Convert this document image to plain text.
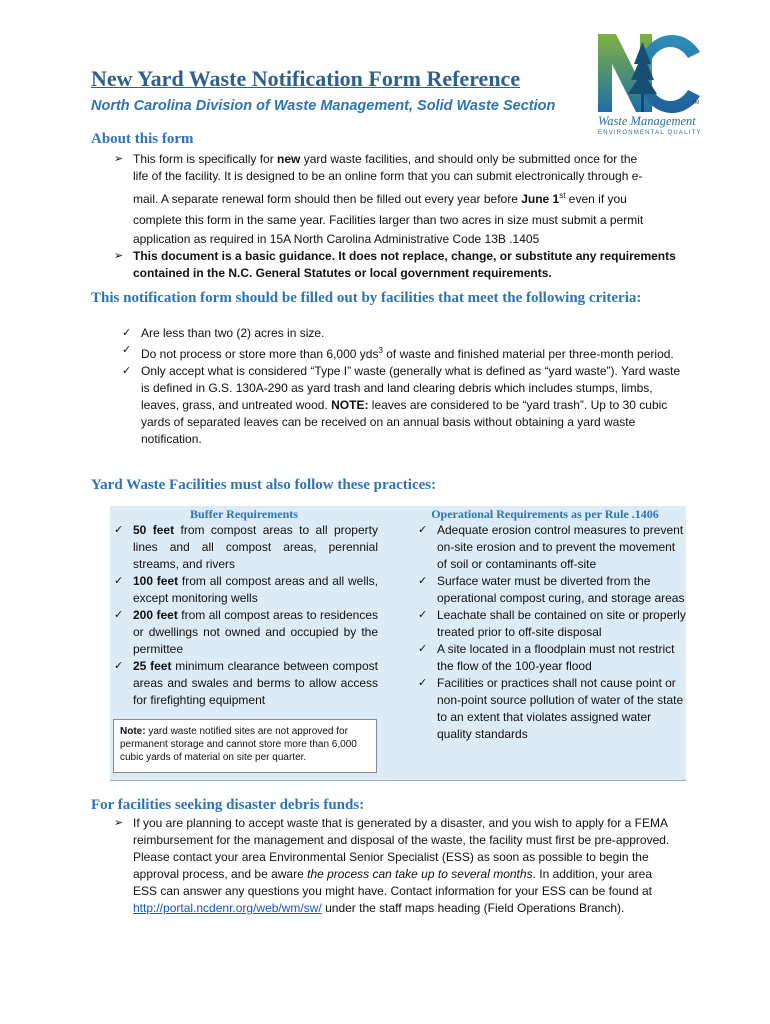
TM
Waste Management
ENVIRONMENTAL QUALITY
New Yard Waste Notification Form Reference
North Carolina Division of Waste Management, Solid Waste Section
About this form
➢ This form is specifically for new yard waste facilities, and should only be submitted once for the

life of the facility. It is designed to be an online form that you can submit electronically through e-

mail. A separate renewal form should then be filled out every year before June 1st even if you

complete this form in the same year. Facilities larger than two acres in size must submit a permit

application as required in 15A North Carolina Administrative Code 13B .1405

➢ This document is a basic guidance. It does not replace, change, or substitute any requirements contained in the N.C. General Statutes or local government requirements.
This notification form should be filled out by facilities that meet the following criteria:
✓ Are less than two (2) acres in size.
✓ Do not process or store more than 6,000 yds$^3$ of waste and finished material per three-month period.
✓ Only accept what is considered “Type I” waste (generally what is defined as “yard waste”). Yard waste is defined in G.S. 130A-290 as yard trash and land clearing debris which includes stumps, limbs, leaves, grass, and untreated wood. NOTE: leaves are considered to be “yard trash”. Up to 30 cubic yards of separated leaves can be received on an annual basis without obtaining a yard waste notification.
Yard Waste Facilities must also follow these practices:
Buffer Requirements	Operational Requirements as per Rule .1406
✓ 50 feet from compost areas to all property lines and all compost areas, perennial streams, and rivers
✓ 100 feet from all compost areas and all wells, except monitoring wells
✓ 200 feet from all compost areas to residences or dwellings not owned and occupied by the permittee
✓ 25 feet minimum clearance between compost areas and swales and berms to allow access for firefighting equipment
Note: yard waste notified sites are not approved for permanent storage and cannot store more than 6,000 cubic yards of material on site per quarter.
✓ Adequate erosion control measures to prevent on-site erosion and to prevent the movement of soil or contaminants off-site
✓ Surface water must be diverted from the operational compost curing, and storage areas
✓ Leachate shall be contained on site or properly treated prior to off-site disposal
✓ A site located in a floodplain must not restrict the flow of the 100-year flood
✓ Facilities or practices shall not cause point or non-point source pollution of water of the state to an extent that violates assigned water quality standards
For facilities seeking disaster debris funds:
➢ If you are planning to accept waste that is generated by a disaster, and you wish to apply for a FEMA reimbursement for the management and disposal of the waste, the facility must first be pre-approved. Please contact your area Environmental Senior Specialist (ESS) as soon as possible to begin the approval process, and be aware the process can take up to several months. In addition, your area ESS can answer any questions you might have. Contact information for your ESS can be found at http://portal.ncdenr.org/web/wm/sw/ under the staff maps heading (Field Operations Branch).
